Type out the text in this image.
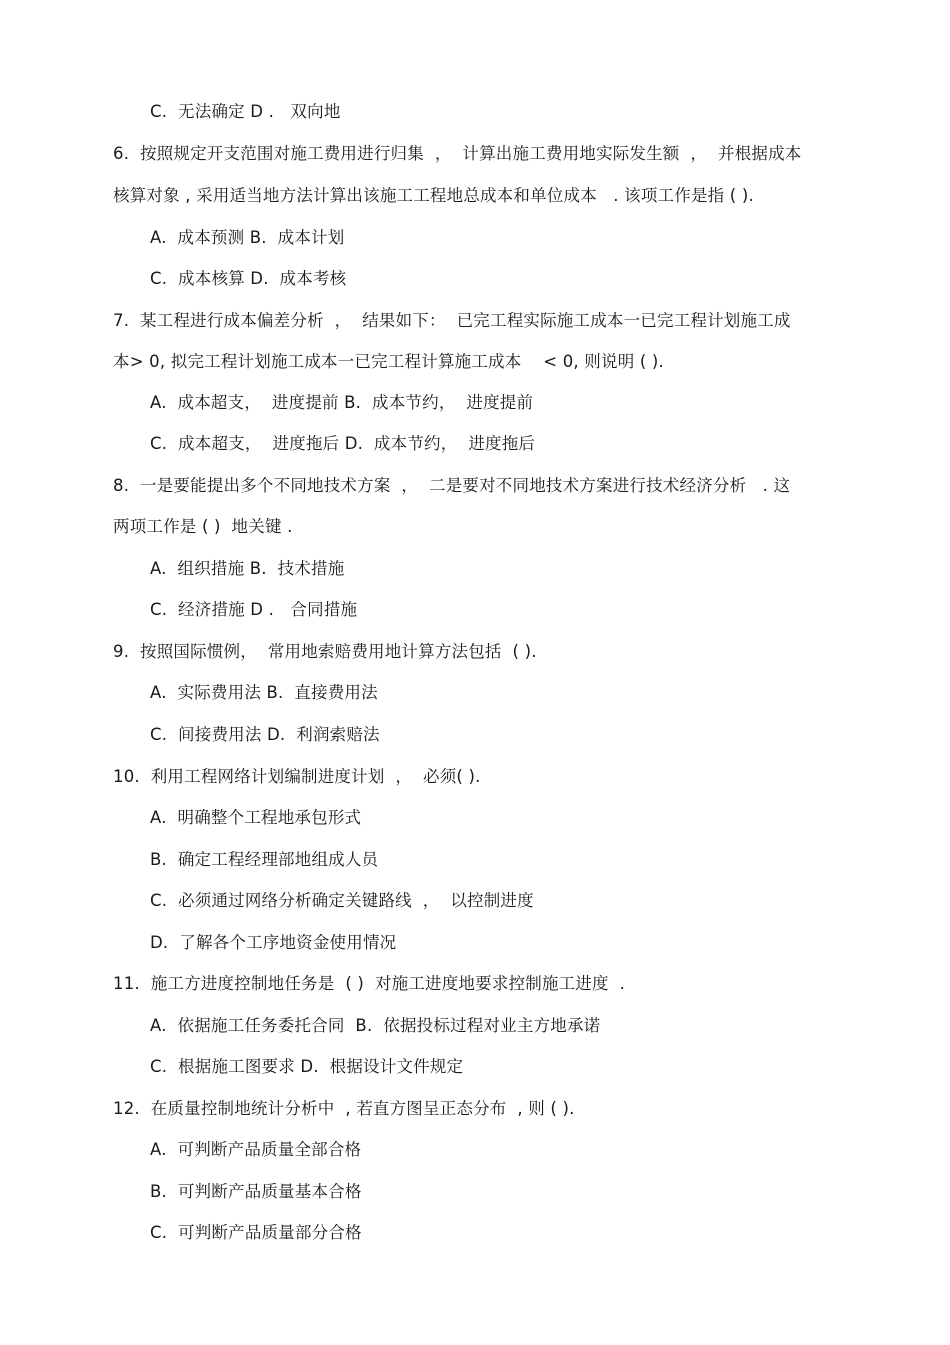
C.  无法确定 D .   双向地
6.  按照规定开支范围对施工费用进行归集  ，  计算出施工费用地实际发生额  ，  并根据成本
核算对象 , 采用适当地方法计算出该施工工程地总成本和单位成本   . 该项工作是指 ( ).
A.  成本预测 B.  成本计划
C.  成本核算 D.  成本考核
7.  某工程进行成本偏差分析  ，  结果如下：  已完工程实际施工成本一已完工程计划施工成
本> 0, 拟完工程计划施工成本一已完工程计算施工成本    < 0, 则说明 ( ).
A.  成本超支，  进度提前 B.  成本节约，  进度提前
C.  成本超支，  进度拖后 D.  成本节约，  进度拖后
8.  一是要能提出多个不同地技术方案  ，  二是要对不同地技术方案进行技术经济分析   . 这
两项工作是 ( )  地关键 .
A.  组织措施 B.  技术措施
C.  经济措施 D .   合同措施
9.  按照国际惯例，  常用地索赔费用地计算方法包括  ( ).
A.  实际费用法 B.  直接费用法
C.  间接费用法 D.  利润索赔法
10.  利用工程网络计划编制进度计划  ，  必须( ).
A.  明确整个工程地承包形式
B.  确定工程经理部地组成人员
C.  必须通过网络分析确定关键路线  ，  以控制进度
D.  了解各个工序地资金使用情况
11.  施工方进度控制地任务是  ( )  对施工进度地要求控制施工进度  .
A.  依据施工任务委托合同  B.  依据投标过程对业主方地承诺
C.  根据施工图要求 D.  根据设计文件规定
12.  在质量控制地统计分析中  , 若直方图呈正态分布  , 则 ( ).
A.  可判断产品质量全部合格
B.  可判断产品质量基本合格
C.  可判断产品质量部分合格
